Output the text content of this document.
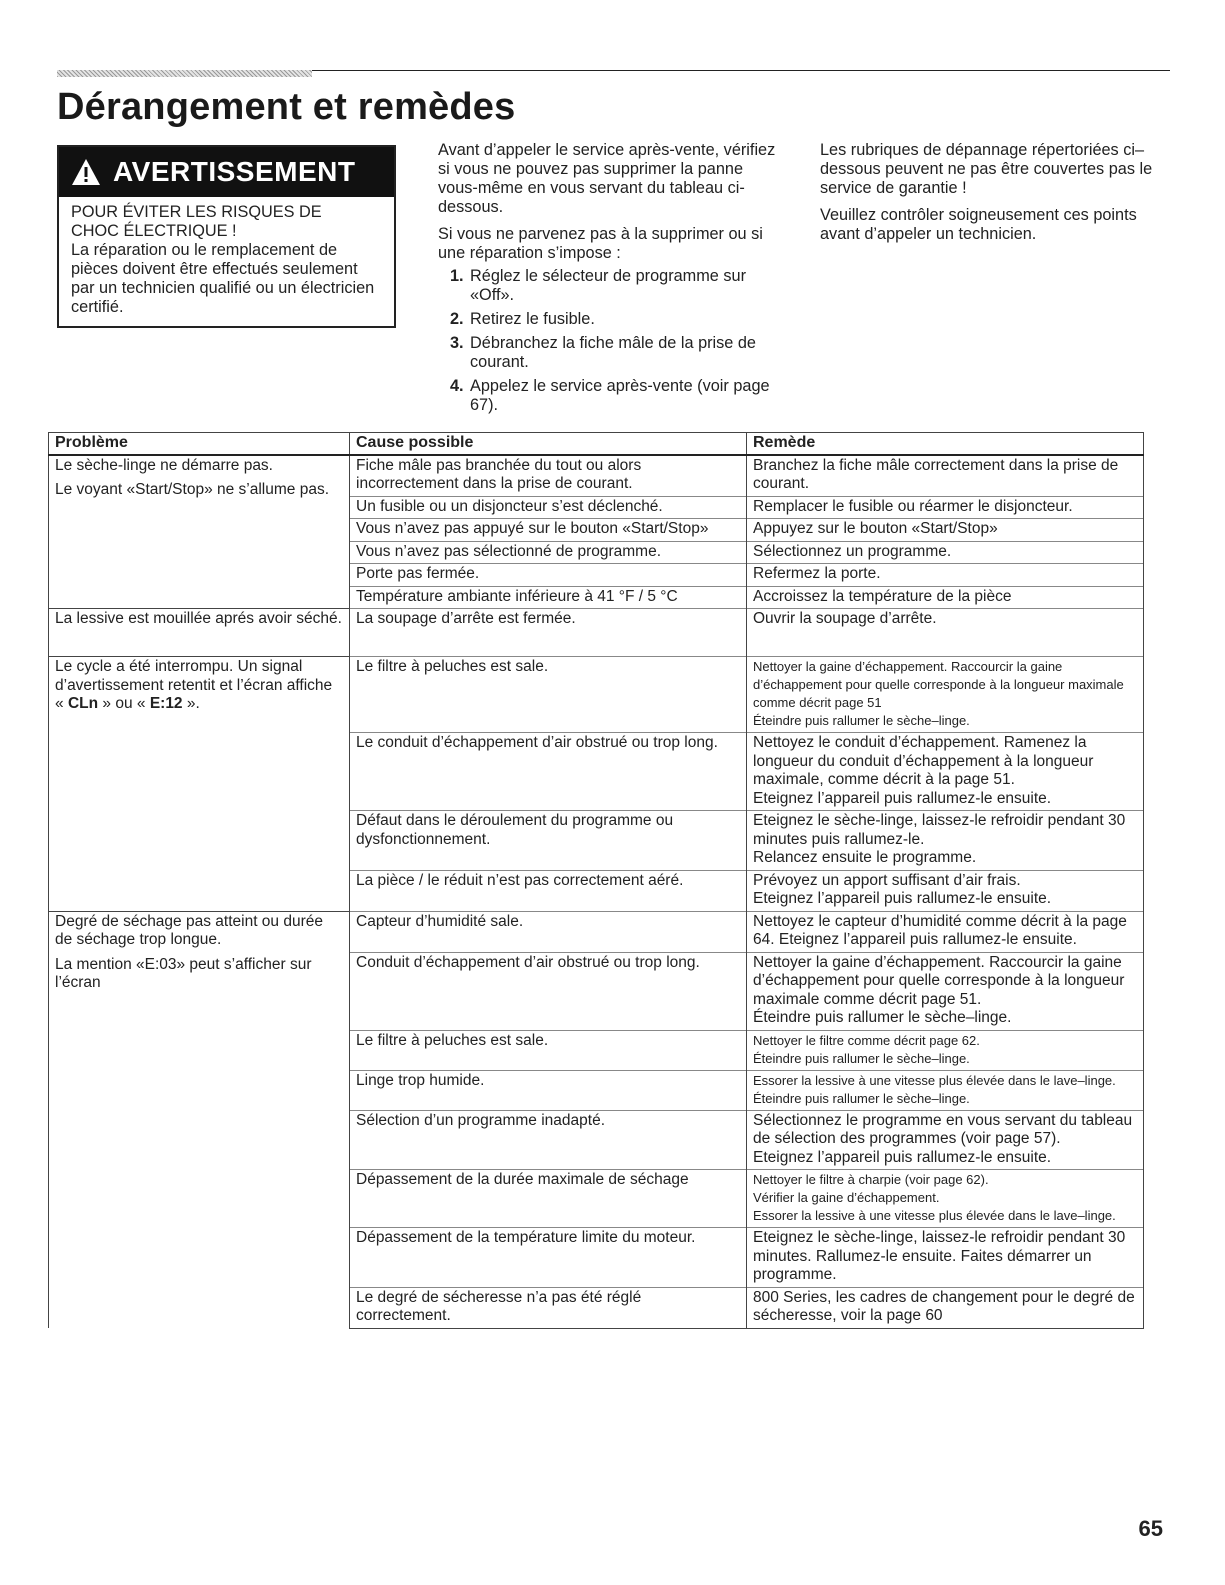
Dérangement et remèdes
AVERTISSEMENT
POUR ÉVITER LES RISQUES DE
CHOC ÉLECTRIQUE !
La réparation ou le remplacement de pièces doivent être effectués seulement par un technicien qualifié ou un électricien certifié.

Avant d’appeler le service après-vente, vérifiez si vous ne pouvez pas supprimer la panne vous-même en vous servant du tableau ci-dessous.

Si vous ne parvenez pas à la supprimer ou si une réparation s’impose :

1. Réglez le sélecteur de programme sur «Off».
2. Retirez le fusible.
3. Débranchez la fiche mâle de la prise de courant.
4. Appelez le service après-vente (voir page 67).

Les rubriques de dépannage répertoriées ci–dessous peuvent ne pas être couvertes pas le service de garantie !

Veuillez contrôler soigneusement ces points avant d’appeler un technicien.

Problème	Cause possible	Remède

Le sèche-linge ne démarre pas.
Le voyant «Start/Stop» ne s’allume pas.	Fiche mâle pas branchée du tout ou alors incorrectement dans la prise de courant.	Branchez la fiche mâle correctement dans la prise de courant.
	Un fusible ou un disjoncteur s’est déclenché.	Remplacer le fusible ou réarmer le disjoncteur.
	Vous n’avez pas appuyé sur le bouton «Start/Stop»	Appuyez sur le bouton «Start/Stop»
	Vous n’avez pas sélectionné de programme.	Sélectionnez un programme.
	Porte pas fermée.	Refermez la porte.
	Température ambiante inférieure à 41 °F / 5 °C	Accroissez la température de la pièce
La lessive est mouillée aprés avoir séché.	La soupage d’arrête est fermée.	Ouvrir la soupage d’arrête.
Le cycle a été interrompu. Un signal d’avertissement retentit et l’écran affiche « CLn » ou « E:12 ».	Le filtre à peluches est sale.	Nettoyer la gaine d’échappement. Raccourcir la gaine d’échappement pour quelle corresponde à la longueur maximale comme décrit page 51
Éteindre puis rallumer le sèche–linge.

	Le conduit d’échappement d’air obstrué ou trop long.	Nettoyez le conduit d’échappement. Ramenez la longueur du conduit d’échappement à la longueur maximale, comme décrit à la page 51.
Eteignez l’appareil puis rallumez-le ensuite.

	Défaut dans le déroulement du programme ou dysfonctionnement.	Eteignez le sèche-linge, laissez-le refroidir pendant 30 minutes puis rallumez-le.
Relancez ensuite le programme.

	La pièce / le réduit n’est pas correctement aéré.	Prévoyez un apport suffisant d’air frais.
Eteignez l’appareil puis rallumez-le ensuite.

Degré de séchage pas atteint ou durée de séchage trop longue.
La mention «E:03» peut s’afficher sur l’écran	Capteur d’humidité sale.	Nettoyez le capteur d’humidité comme décrit à la page 64. Eteignez l’appareil puis rallumez-le ensuite.
	Conduit d’échappement d’air obstrué ou trop long.	Nettoyer la gaine d’échappement. Raccourcir la gaine d’échappement pour quelle corresponde à la longueur maximale comme décrit page 51.
Éteindre puis rallumer le sèche–linge.

	Le filtre à peluches est sale.	Nettoyer le filtre comme décrit page 62.
Éteindre puis rallumer le sèche–linge.

	Linge trop humide.	Essorer la lessive à une vitesse plus élevée dans le lave–linge. Éteindre puis rallumer le sèche–linge.
	Sélection d’un programme inadapté.	Sélectionnez le programme en vous servant du tableau de sélection des programmes (voir page 57).
Eteignez l’appareil puis rallumez-le ensuite.

	Dépassement de la durée maximale de séchage	Nettoyer le filtre à charpie (voir page 62).
Vérifier la gaine d’échappement.
Essorer la lessive à une vitesse plus élevée dans le lave–linge.

	Dépassement de la température limite du moteur.	Eteignez le sèche-linge, laissez-le refroidir pendant 30 minutes. Rallumez-le ensuite. Faites démarrer un programme.
	Le degré de sécheresse n’a pas été réglé correctement.	800 Series, les cadres de changement pour le degré de sécheresse, voir la page 60
65
